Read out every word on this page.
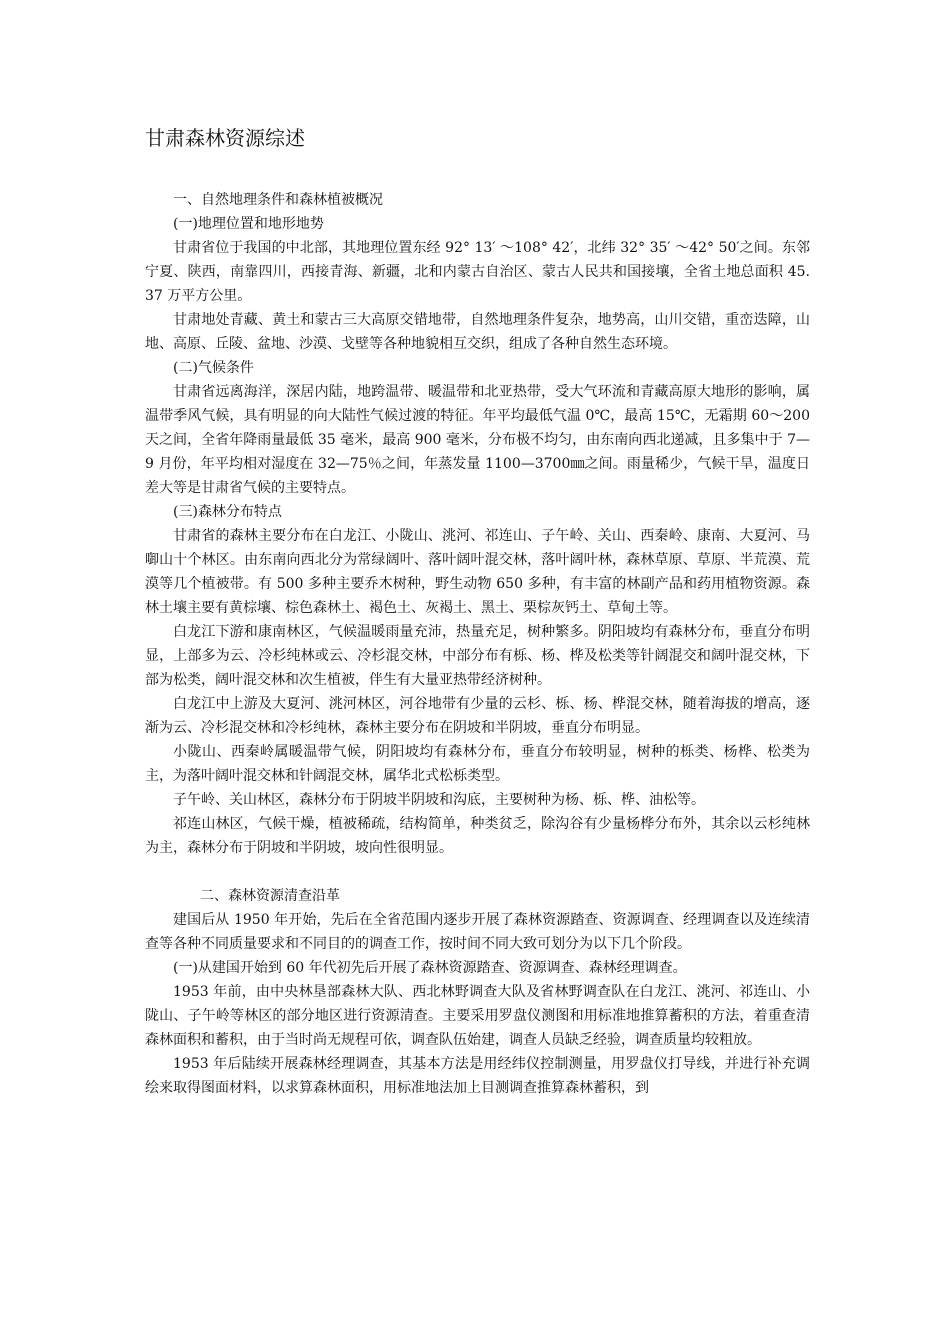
甘肃森林资源综述

一、自然地理条件和森林植被概况

(一)地理位置和地形地势

甘肃省位于我国的中北部，其地理位置东经 92° 13′ ～108° 42′，北纬 32° 35′ ～42° 50′之间。东邻宁夏、陕西，南靠四川，西接青海、新疆，北和内蒙古自治区、蒙古人民共和国接壤，全省土地总面积 45. 37 万平方公里。

甘肃地处青藏、黄土和蒙古三大高原交错地带，自然地理条件复杂，地势高，山川交错，重峦迭障，山地、高原、丘陵、盆地、沙漠、戈壁等各种地貌相互交织，组成了各种自然生态环境。

(二)气候条件

甘肃省远离海洋，深居内陆，地跨温带、暖温带和北亚热带，受大气环流和青藏高原大地形的影响，属温带季风气候，具有明显的向大陆性气候过渡的特征。年平均最低气温 0℃，最高 15℃，无霜期 60～200 天之间，全省年降雨量最低 35 毫米，最高 900 毫米，分布极不均匀，由东南向西北递减，且多集中于 7—9 月份，年平均相对湿度在 32—75％之间，年蒸发量 1100—3700㎜之间。雨量稀少，气候干旱，温度日差大等是甘肃省气候的主要特点。

(三)森林分布特点

甘肃省的森林主要分布在白龙江、小陇山、洮河、祁连山、子午岭、关山、西秦岭、康南、大夏河、马啣山十个林区。由东南向西北分为常绿阔叶、落叶阔叶混交林，落叶阔叶林，森林草原、草原、半荒漠、荒漠等几个植被带。有 500 多种主要乔木树种，野生动物 650 多种，有丰富的林副产品和药用植物资源。森林土壤主要有黄棕壤、棕色森林土、褐色土、灰褐土、黑土、栗棕灰钙土、草甸土等。

白龙江下游和康南林区，气候温暖雨量充沛，热量充足，树种繁多。阴阳坡均有森林分布，垂直分布明显，上部多为云、冷杉纯林或云、冷杉混交林，中部分布有栎、杨、桦及松类等针阔混交和阔叶混交林，下部为松类，阔叶混交林和次生植被，伴生有大量亚热带经济树种。

白龙江中上游及大夏河、洮河林区，河谷地带有少量的云杉、栎、杨、桦混交林，随着海拔的增高，逐渐为云、冷杉混交林和冷杉纯林，森林主要分布在阴坡和半阴坡，垂直分布明显。

小陇山、西秦岭属暖温带气候，阴阳坡均有森林分布，垂直分布较明显，树种的栎类、杨桦、松类为主，为落叶阔叶混交林和针阔混交林，属华北式松栎类型。

子午岭、关山林区，森林分布于阴坡半阴坡和沟底，主要树种为杨、栎、桦、油松等。

祁连山林区，气候干燥，植被稀疏，结构简单，种类贫乏，除沟谷有少量杨桦分布外，其余以云杉纯林为主，森林分布于阴坡和半阴坡，坡向性很明显。

二、森林资源清查沿革

建国后从 1950 年开始，先后在全省范围内逐步开展了森林资源踏查、资源调查、经理调查以及连续清查等各种不同质量要求和不同目的的调查工作，按时间不同大致可划分为以下几个阶段。

(一)从建国开始到 60 年代初先后开展了森林资源踏查、资源调查、森林经理调查。

1953 年前，由中央林垦部森林大队、西北林野调查大队及省林野调查队在白龙江、洮河、祁连山、小陇山、子午岭等林区的部分地区进行资源清查。主要采用罗盘仪测图和用标准地推算蓄积的方法，着重查清森林面积和蓄积，由于当时尚无规程可依，调查队伍始建，调查人员缺乏经验，调查质量均较粗放。

1953 年后陆续开展森林经理调查，其基本方法是用经纬仪控制测量，用罗盘仪打导线，并进行补充调绘来取得图面材料，以求算森林面积，用标准地法加上目测调查推算森林蓄积，到
